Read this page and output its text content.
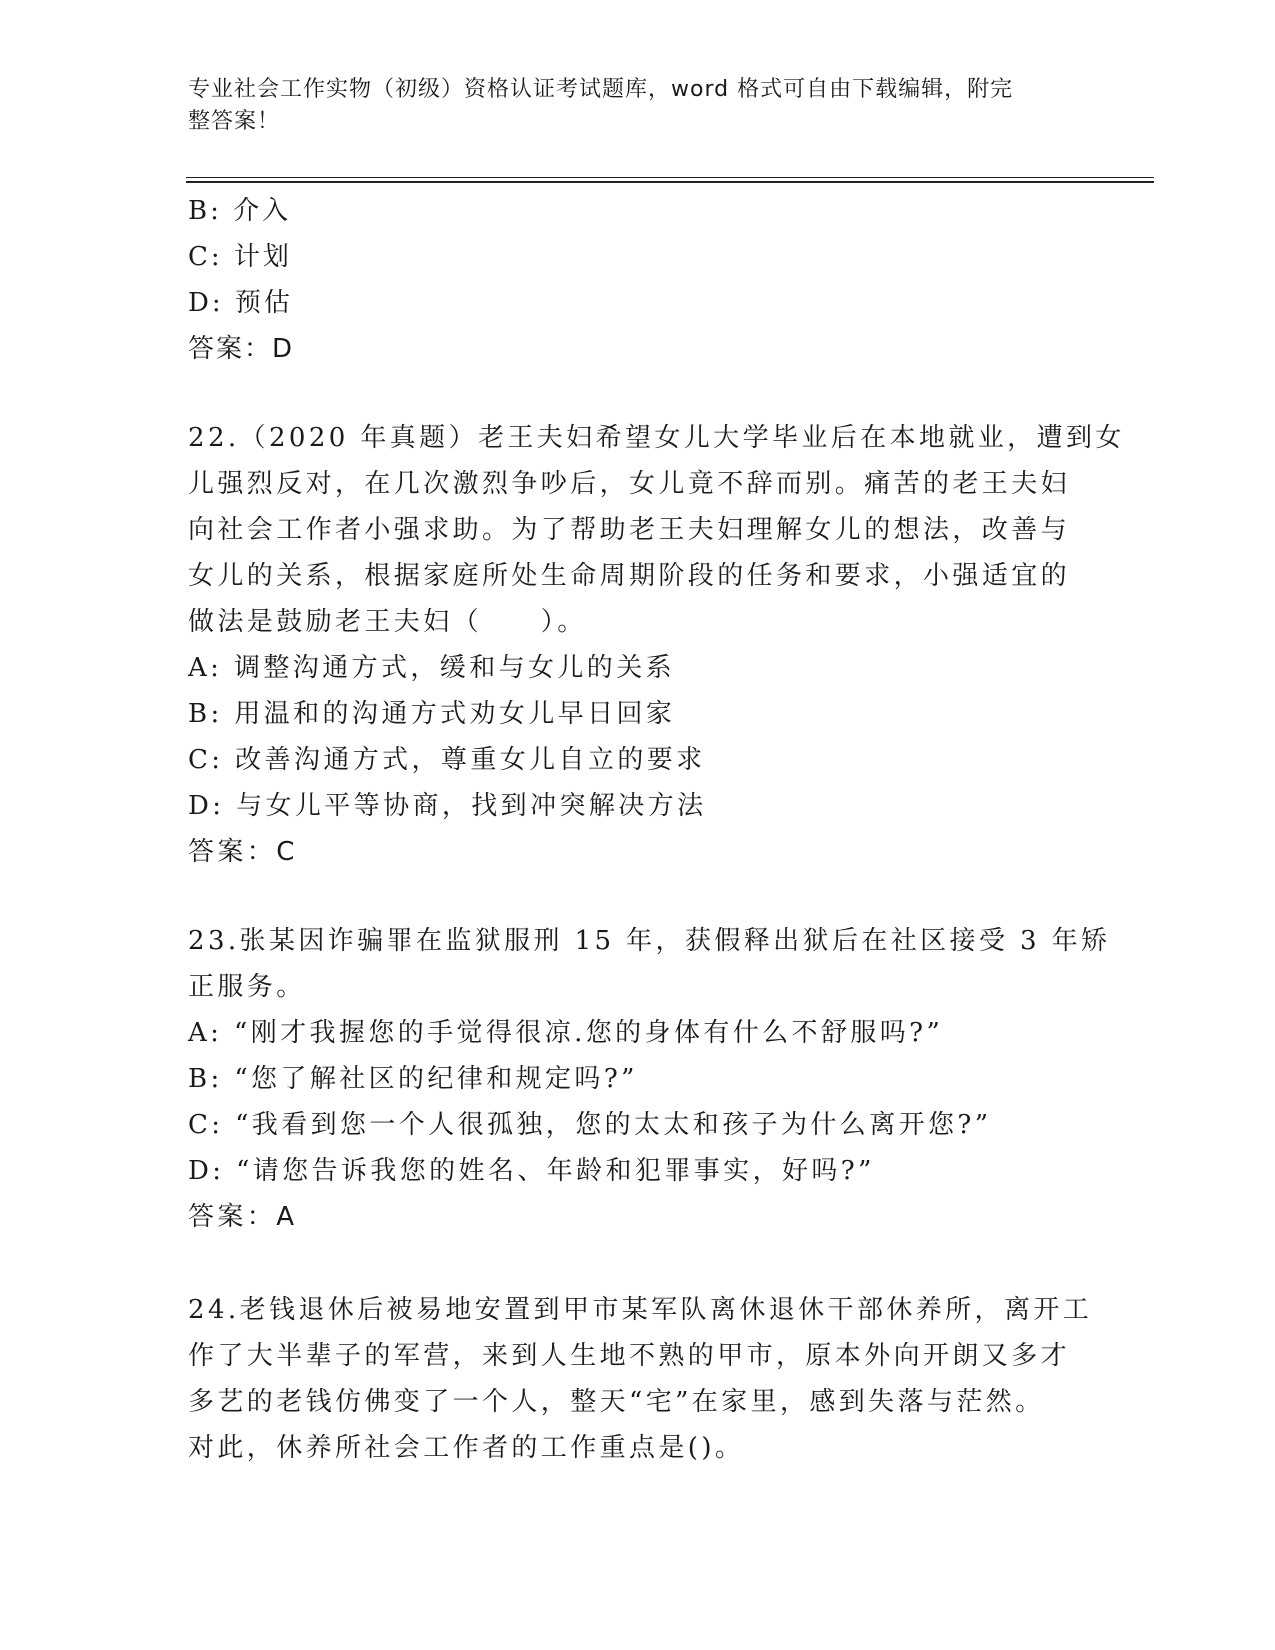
专业社会工作实物（初级）资格认证考试题库，word 格式可自由下载编辑，附完
整答案！
B: 介入
C: 计划
D: 预估
答案：D
22.（2020 年真题）老王夫妇希望女儿大学毕业后在本地就业，遭到女
儿强烈反对，在几次激烈争吵后，女儿竟不辞而别。痛苦的老王夫妇
向社会工作者小强求助。为了帮助老王夫妇理解女儿的想法，改善与
女儿的关系，根据家庭所处生命周期阶段的任务和要求，小强适宜的
做法是鼓励老王夫妇（　　）。
A: 调整沟通方式，缓和与女儿的关系
B: 用温和的沟通方式劝女儿早日回家
C: 改善沟通方式，尊重女儿自立的要求
D: 与女儿平等协商，找到冲突解决方法
答案：C
23.张某因诈骗罪在监狱服刑 15 年，获假释出狱后在社区接受 3 年矫
正服务。
A: “刚才我握您的手觉得很凉.您的身体有什么不舒服吗?”
B: “您了解社区的纪律和规定吗?”
C: “我看到您一个人很孤独，您的太太和孩子为什么离开您?”
D: “请您告诉我您的姓名、年龄和犯罪事实，好吗?”
答案：A
24.老钱退休后被易地安置到甲市某军队离休退休干部休养所，离开工
作了大半辈子的军营，来到人生地不熟的甲市，原本外向开朗又多才
多艺的老钱仿佛变了一个人，整天“宅”在家里，感到失落与茫然。
对此，休养所社会工作者的工作重点是()。
